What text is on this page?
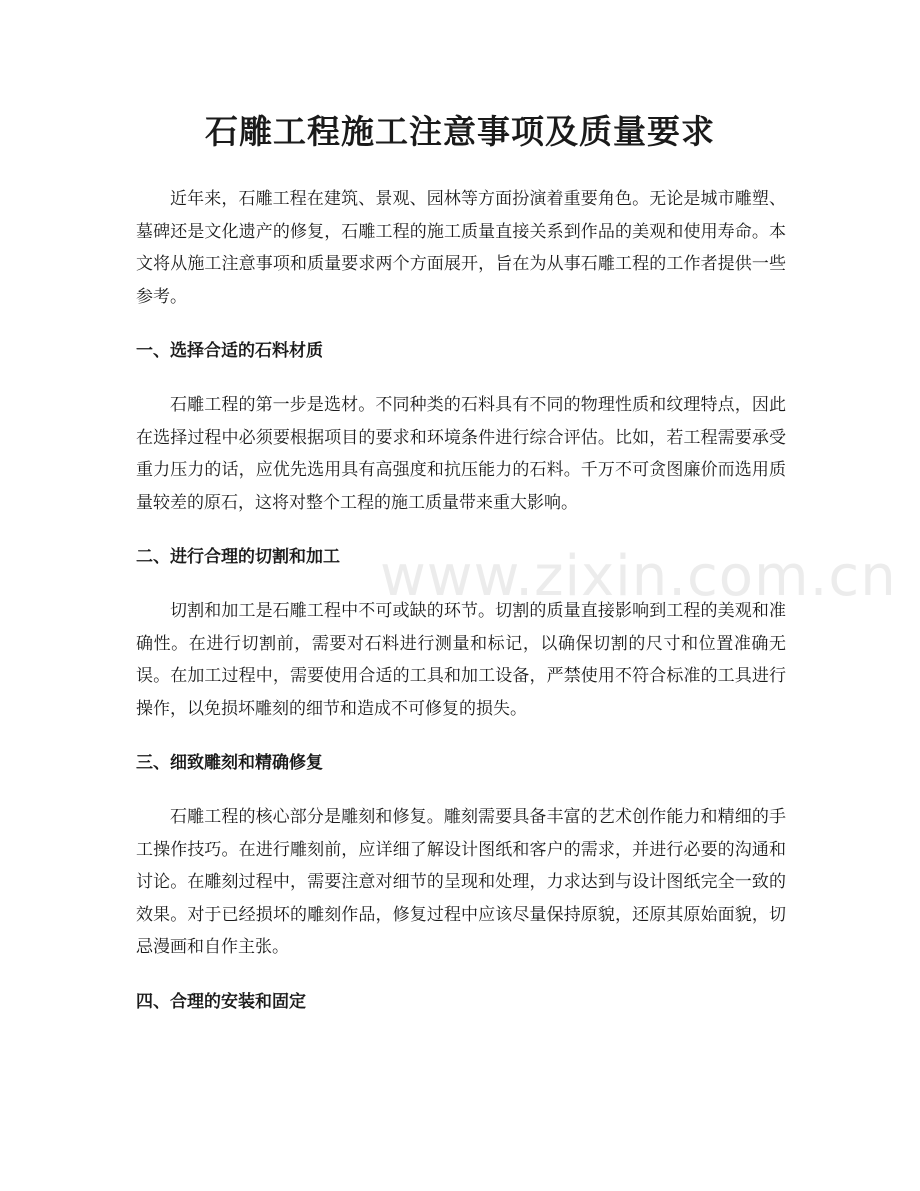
石雕工程施工注意事项及质量要求

近年来，石雕工程在建筑、景观、园林等方面扮演着重要角色。无论是城市雕塑、墓碑还是文化遗产的修复，石雕工程的施工质量直接关系到作品的美观和使用寿命。本文将从施工注意事项和质量要求两个方面展开，旨在为从事石雕工程的工作者提供一些参考。

一、选择合适的石料材质

石雕工程的第一步是选材。不同种类的石料具有不同的物理性质和纹理特点，因此在选择过程中必须要根据项目的要求和环境条件进行综合评估。比如，若工程需要承受重力压力的话，应优先选用具有高强度和抗压能力的石料。千万不可贪图廉价而选用质量较差的原石，这将对整个工程的施工质量带来重大影响。

二、进行合理的切割和加工

切割和加工是石雕工程中不可或缺的环节。切割的质量直接影响到工程的美观和准确性。在进行切割前，需要对石料进行测量和标记，以确保切割的尺寸和位置准确无误。在加工过程中，需要使用合适的工具和加工设备，严禁使用不符合标准的工具进行操作，以免损坏雕刻的细节和造成不可修复的损失。

三、细致雕刻和精确修复

石雕工程的核心部分是雕刻和修复。雕刻需要具备丰富的艺术创作能力和精细的手工操作技巧。在进行雕刻前，应详细了解设计图纸和客户的需求，并进行必要的沟通和讨论。在雕刻过程中，需要注意对细节的呈现和处理，力求达到与设计图纸完全一致的效果。对于已经损坏的雕刻作品，修复过程中应该尽量保持原貌，还原其原始面貌，切忌漫画和自作主张。

四、合理的安装和固定
www.zixin.com.cn
